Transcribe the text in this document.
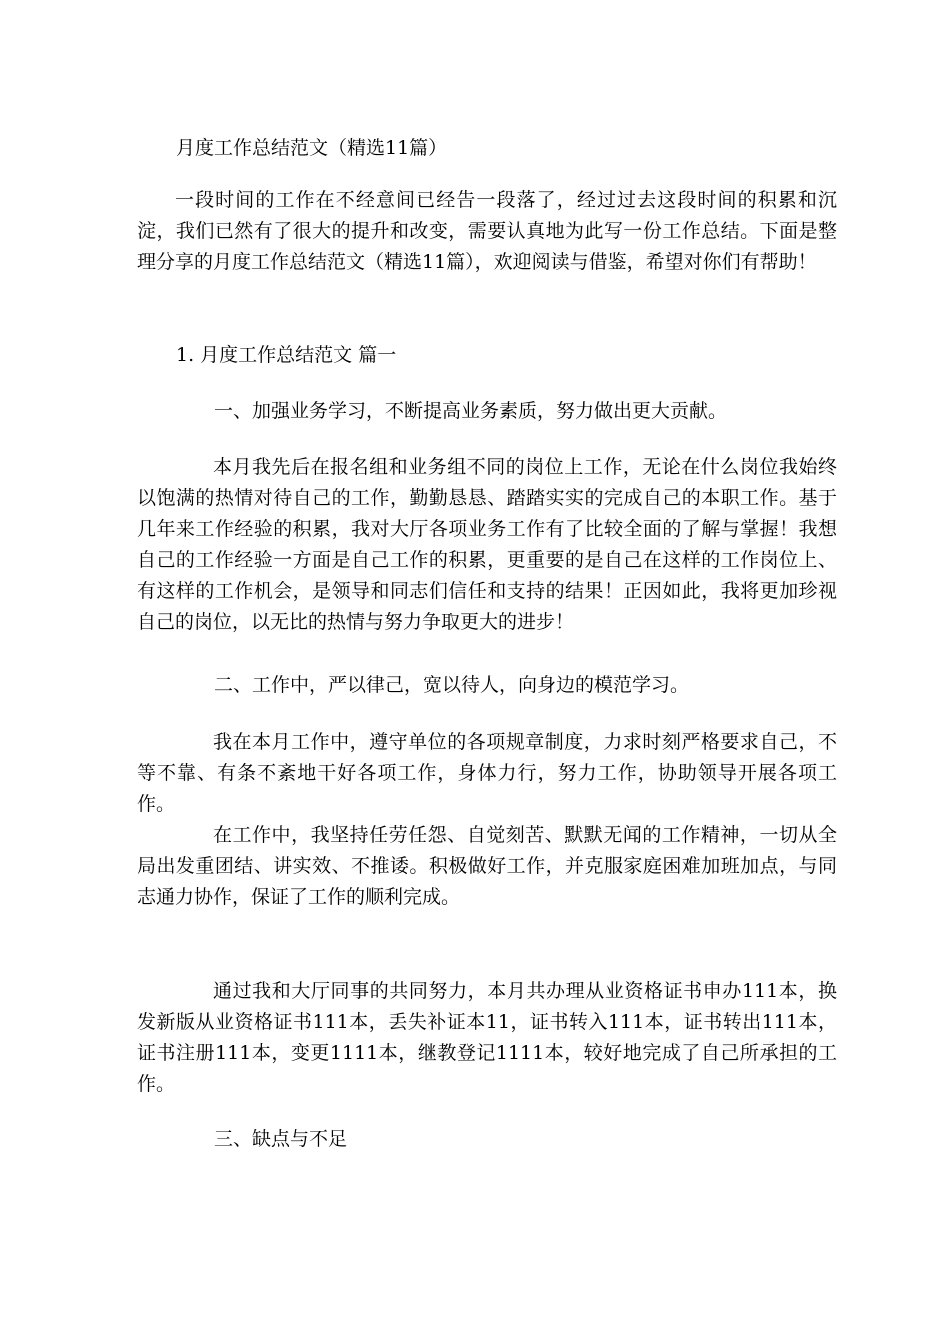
月度工作总结范文（精选11篇）

一段时间的工作在不经意间已经告一段落了，经过过去这段时间的积累和沉淀，我们已然有了很大的提升和改变，需要认真地为此写一份工作总结。下面是整理分享的月度工作总结范文（精选11篇），欢迎阅读与借鉴，希望对你们有帮助！

1. 月度工作总结范文 篇一

一、加强业务学习，不断提高业务素质，努力做出更大贡献。

本月我先后在报名组和业务组不同的岗位上工作，无论在什么岗位我始终以饱满的热情对待自己的工作，勤勤恳恳、踏踏实实的完成自己的本职工作。基于几年来工作经验的积累，我对大厅各项业务工作有了比较全面的了解与掌握！我想自己的工作经验一方面是自己工作的积累，更重要的是自己在这样的工作岗位上、有这样的工作机会，是领导和同志们信任和支持的结果！正因如此，我将更加珍视自己的岗位，以无比的热情与努力争取更大的进步！

二、工作中，严以律己，宽以待人，向身边的模范学习。

我在本月工作中，遵守单位的各项规章制度，力求时刻严格要求自己，不等不靠、有条不紊地干好各项工作，身体力行，努力工作，协助领导开展各项工作。

在工作中，我坚持任劳任怨、自觉刻苦、默默无闻的工作精神，一切从全局出发重团结、讲实效、不推诿。积极做好工作，并克服家庭困难加班加点，与同志通力协作，保证了工作的顺利完成。

通过我和大厅同事的共同努力，本月共办理从业资格证书申办111本，换发新版从业资格证书111本，丢失补证本11，证书转入111本，证书转出111本，证书注册111本，变更1111本，继教登记1111本，较好地完成了自己所承担的工作。

三、缺点与不足
